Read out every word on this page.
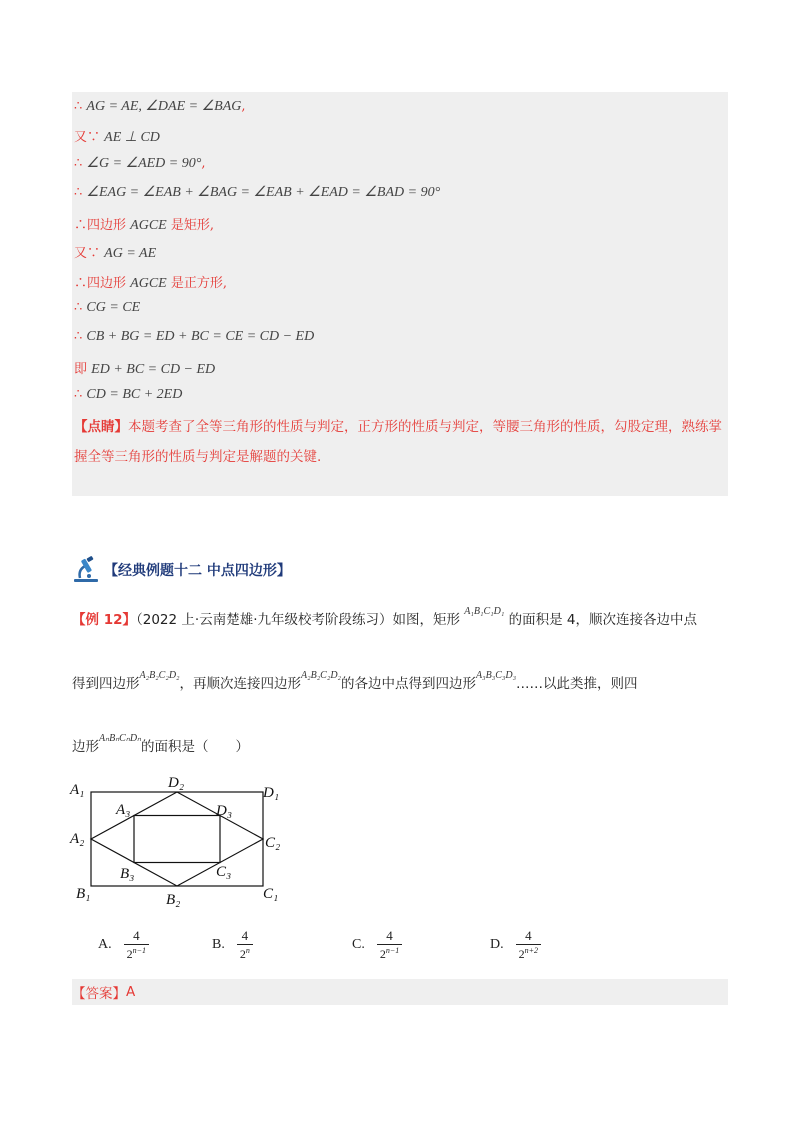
∴ AG = AE, ∠DAE = ∠BAG,
又∵ AE ⊥ CD
∴ ∠G = ∠AED = 90°,
∴ ∠EAG = ∠EAB + ∠BAG = ∠EAB + ∠EAD = ∠BAD = 90°
∴四边形 AGCE 是矩形,
又∵ AG = AE
∴四边形 AGCE 是正方形,
∴ CG = CE
∴ CB + BG = ED + BC = CE = CD − ED
即 ED + BC = CD − ED
∴ CD = BC + 2ED
【点睛】本题考查了全等三角形的性质与判定，正方形的性质与判定，等腰三角形的性质，勾股定理，熟练掌握全等三角形的性质与判定是解题的关键.
【经典例题十二 中点四边形】
【例 12】（2022 上·云南楚雄·九年级校考阶段练习）如图，矩形 $^{A_1B_1C_1D_1}$ 的面积是 4，顺次连接各边中点
得到四边形$^{A_2B_2C_2D_2}$，再顺次连接四边形$^{A_2B_2C_2D_2}$的各边中点得到四边形$^{A_3B_3C_3D_3}$……以此类推，则四
边形$^{A_nB_nC_nD_n}$的面积是（　　）
A₁	D₁
D₂
A₃	D₃
A₂	C₂
B₃	C₃
B₁	C₁
B₂
A. $\frac{4}{2^{n-1}}$	B. $\frac{4}{2^n}$	C. $\frac{4}{2^{n-1}}$	D. $\frac{4}{2^{n+2}}$
【答案】 A
